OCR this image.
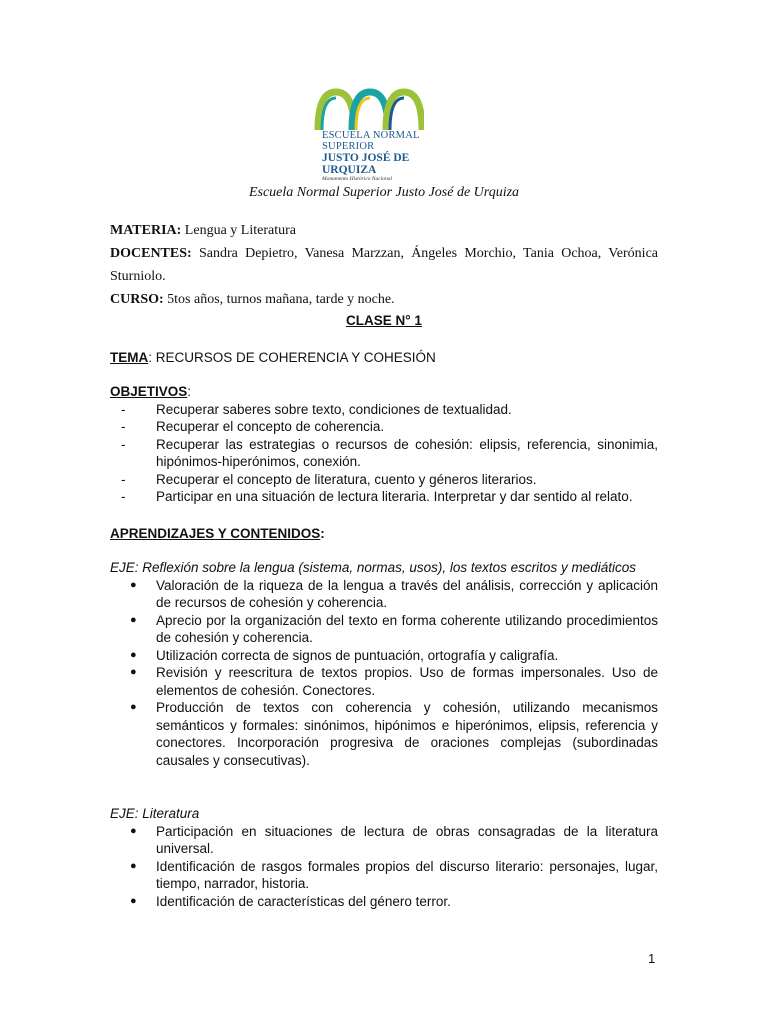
ESCUELA NORMAL SUPERIOR
JUSTO JOSÉ DE URQUIZA
Monumento Histórico Nacional
Escuela Normal Superior Justo José de Urquiza
MATERIA: Lengua y Literatura
DOCENTES: Sandra Depietro, Vanesa Marzzan, Ángeles Morchio, Tania Ochoa, Verónica Sturniolo.
CURSO: 5tos años, turnos mañana, tarde y noche.
CLASE N° 1
TEMA: RECURSOS DE COHERENCIA Y COHESIÓN
OBJETIVOS:
- Recuperar saberes sobre texto, condiciones de textualidad.
- Recuperar el concepto de coherencia.
- Recuperar las estrategias o recursos de cohesión: elipsis, referencia, sinonimia, hipónimos-hiperónimos, conexión.
- Recuperar el concepto de literatura, cuento y géneros literarios.
- Participar en una situación de lectura literaria. Interpretar y dar sentido al relato.
APRENDIZAJES Y CONTENIDOS:
EJE: Reflexión sobre la lengua (sistema, normas, usos), los textos escritos y mediáticos
● Valoración de la riqueza de la lengua a través del análisis, corrección y aplicación de recursos de cohesión y coherencia.
● Aprecio por la organización del texto en forma coherente utilizando procedimientos de cohesión y coherencia.
● Utilización correcta de signos de puntuación, ortografía y caligrafía.
● Revisión y reescritura de textos propios. Uso de formas impersonales. Uso de elementos de cohesión. Conectores.
● Producción de textos con coherencia y cohesión, utilizando mecanismos semánticos y formales: sinónimos, hipónimos e hiperónimos, elipsis, referencia y conectores. Incorporación progresiva de oraciones complejas (subordinadas causales y consecutivas).
EJE: Literatura
● Participación en situaciones de lectura de obras consagradas de la literatura universal.
● Identificación de rasgos formales propios del discurso literario: personajes, lugar, tiempo, narrador, historia.
● Identificación de características del género terror.
1
